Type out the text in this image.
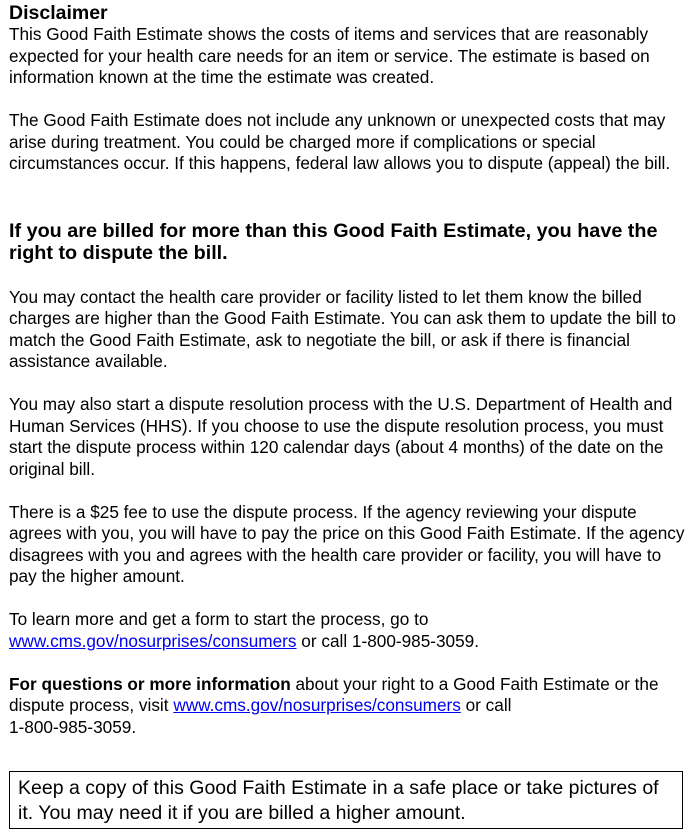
Disclaimer

This Good Faith Estimate shows the costs of items and services that are reasonably expected for your health care needs for an item or service. The estimate is based on information known at the time the estimate was created.

The Good Faith Estimate does not include any unknown or unexpected costs that may arise during treatment. You could be charged more if complications or special circumstances occur. If this happens, federal law allows you to dispute (appeal) the bill.

If you are billed for more than this Good Faith Estimate, you have the right to dispute the bill.

You may contact the health care provider or facility listed to let them know the billed charges are higher than the Good Faith Estimate. You can ask them to update the bill to match the Good Faith Estimate, ask to negotiate the bill, or ask if there is financial assistance available.

You may also start a dispute resolution process with the U.S. Department of Health and Human Services (HHS). If you choose to use the dispute resolution process, you must start the dispute process within 120 calendar days (about 4 months) of the date on the original bill.

There is a $25 fee to use the dispute process. If the agency reviewing your dispute agrees with you, you will have to pay the price on this Good Faith Estimate. If the agency disagrees with you and agrees with the health care provider or facility, you will have to pay the higher amount.

To learn more and get a form to start the process, go to
www.cms.gov/nosurprises/consumers or call 1-800-985-3059.

For questions or more information about your right to a Good Faith Estimate or the dispute process, visit www.cms.gov/nosurprises/consumers or call
1-800-985-3059.

Keep a copy of this Good Faith Estimate in a safe place or take pictures of it. You may need it if you are billed a higher amount.
